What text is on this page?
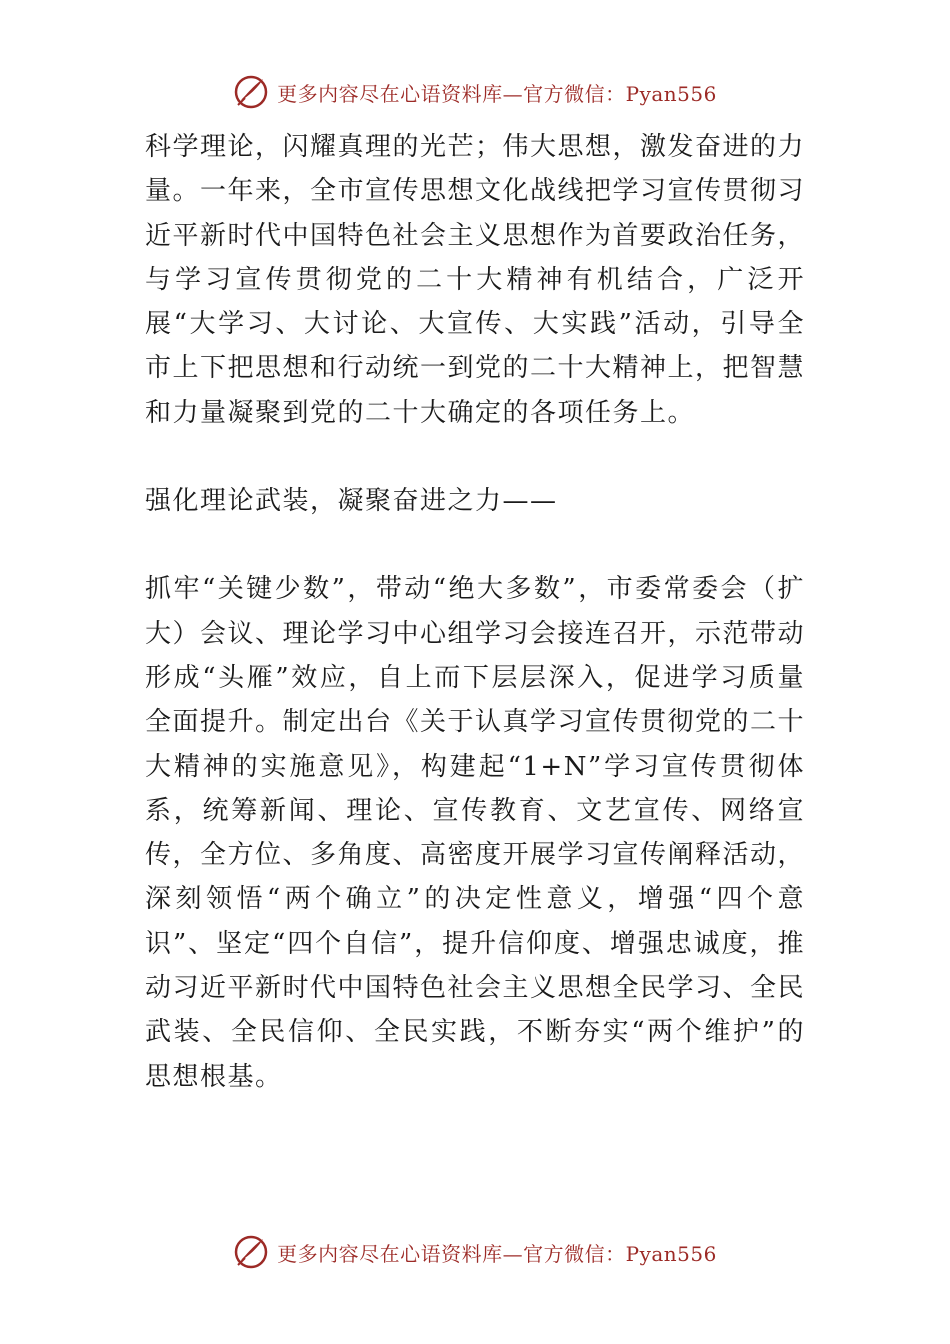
更多内容尽在心语资料库—官方微信：Pyan556

科学理论，闪耀真理的光芒；伟大思想，激发奋进的力量。一年来，全市宣传思想文化战线把学习宣传贯彻习近平新时代中国特色社会主义思想作为首要政治任务，与学习宣传贯彻党的二十大精神有机结合，广泛开展“大学习、大讨论、大宣传、大实践”活动，引导全市上下把思想和行动统一到党的二十大精神上，把智慧和力量凝聚到党的二十大确定的各项任务上。

强化理论武装，凝聚奋进之力——

抓牢“关键少数”，带动“绝大多数”，市委常委会（扩大）会议、理论学习中心组学习会接连召开，示范带动形成“头雁”效应，自上而下层层深入，促进学习质量全面提升。制定出台《关于认真学习宣传贯彻党的二十大精神的实施意见》，构建起“1+N”学习宣传贯彻体系，统筹新闻、理论、宣传教育、文艺宣传、网络宣传，全方位、多角度、高密度开展学习宣传阐释活动，深刻领悟“两个确立”的决定性意义，增强“四个意识”、坚定“四个自信”，提升信仰度、增强忠诚度，推动习近平新时代中国特色社会主义思想全民学习、全民武装、全民信仰、全民实践，不断夯实“两个维护”的思想根基。

更多内容尽在心语资料库—官方微信：Pyan556
